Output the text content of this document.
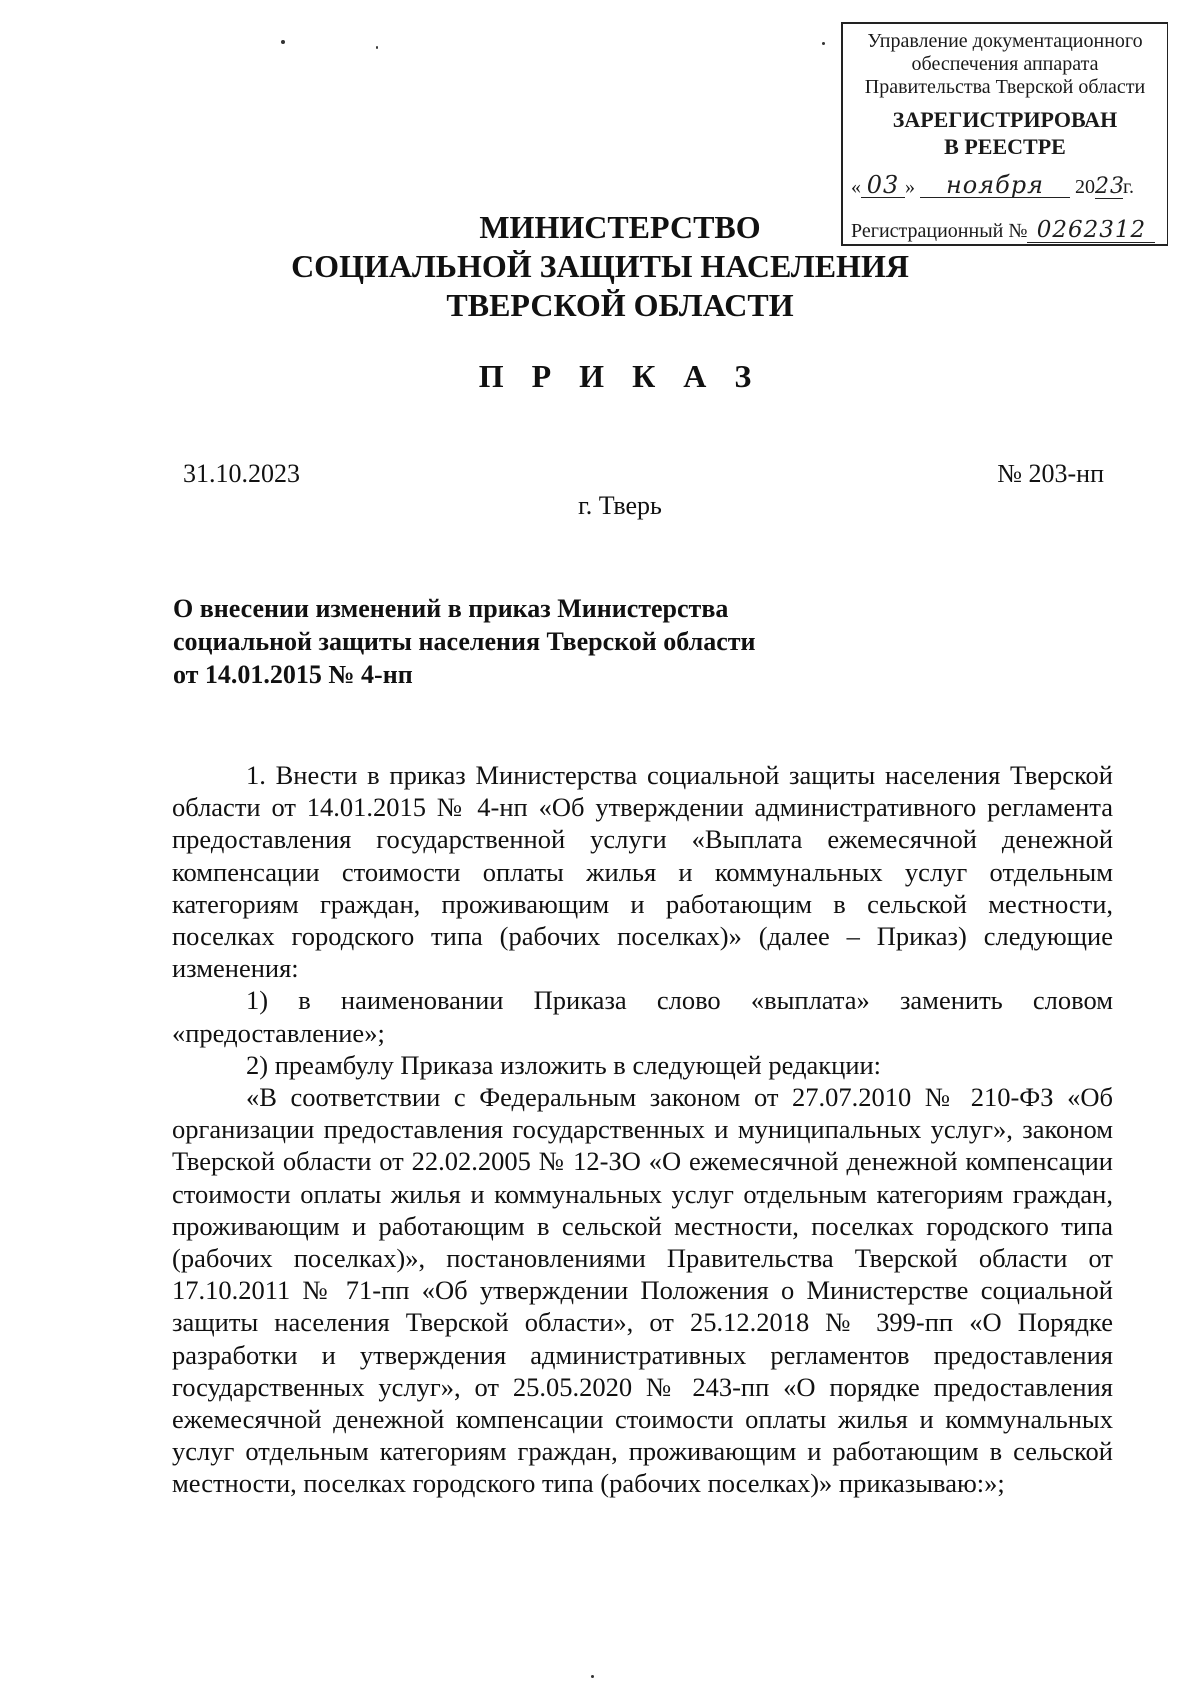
Управление документационного
обеспечения аппарата
Правительства Тверской области
ЗАРЕГИСТРИРОВАН
В РЕЕСТРЕ
« 03 » ноября 2023г.
Регистрационный № 0262312
МИНИСТЕРСТВО
СОЦИАЛЬНОЙ ЗАЩИТЫ НАСЕЛЕНИЯ
ТВЕРСКОЙ ОБЛАСТИ
П Р И К А З
31.10.2023	№ 203-нп
г. Тверь
О внесении изменений в приказ Министерства
социальной защиты населения Тверской области
от 14.01.2015 № 4-нп

1. Внести в приказ Министерства социальной защиты населения Тверской области от 14.01.2015 № 4-нп «Об утверждении административного регламента предоставления государственной услуги «Выплата ежемесячной денежной компенсации стоимости оплаты жилья и коммунальных услуг отдельным категориям граждан, проживающим и работающим в сельской местности, поселках городского типа (рабочих поселках)» (далее – Приказ) следующие изменения:

1) в наименовании Приказа слово «выплата» заменить словом «предоставление»;

2) преамбулу Приказа изложить в следующей редакции:

«В соответствии с Федеральным законом от 27.07.2010 № 210-ФЗ «Об организации предоставления государственных и муниципальных услуг», законом Тверской области от 22.02.2005 № 12-ЗО «О ежемесячной денежной компенсации стоимости оплаты жилья и коммунальных услуг отдельным категориям граждан, проживающим и работающим в сельской местности, поселках городского типа (рабочих поселках)», постановлениями Правительства Тверской области от 17.10.2011 № 71-пп «Об утверждении Положения о Министерстве социальной защиты населения Тверской области», от 25.12.2018 № 399-пп «О Порядке разработки и утверждения административных регламентов предоставления государственных услуг», от 25.05.2020 № 243-пп «О порядке предоставления ежемесячной денежной компенсации стоимости оплаты жилья и коммунальных услуг отдельным категориям граждан, проживающим и работающим в сельской местности, поселках городского типа (рабочих поселках)» приказываю:»;
